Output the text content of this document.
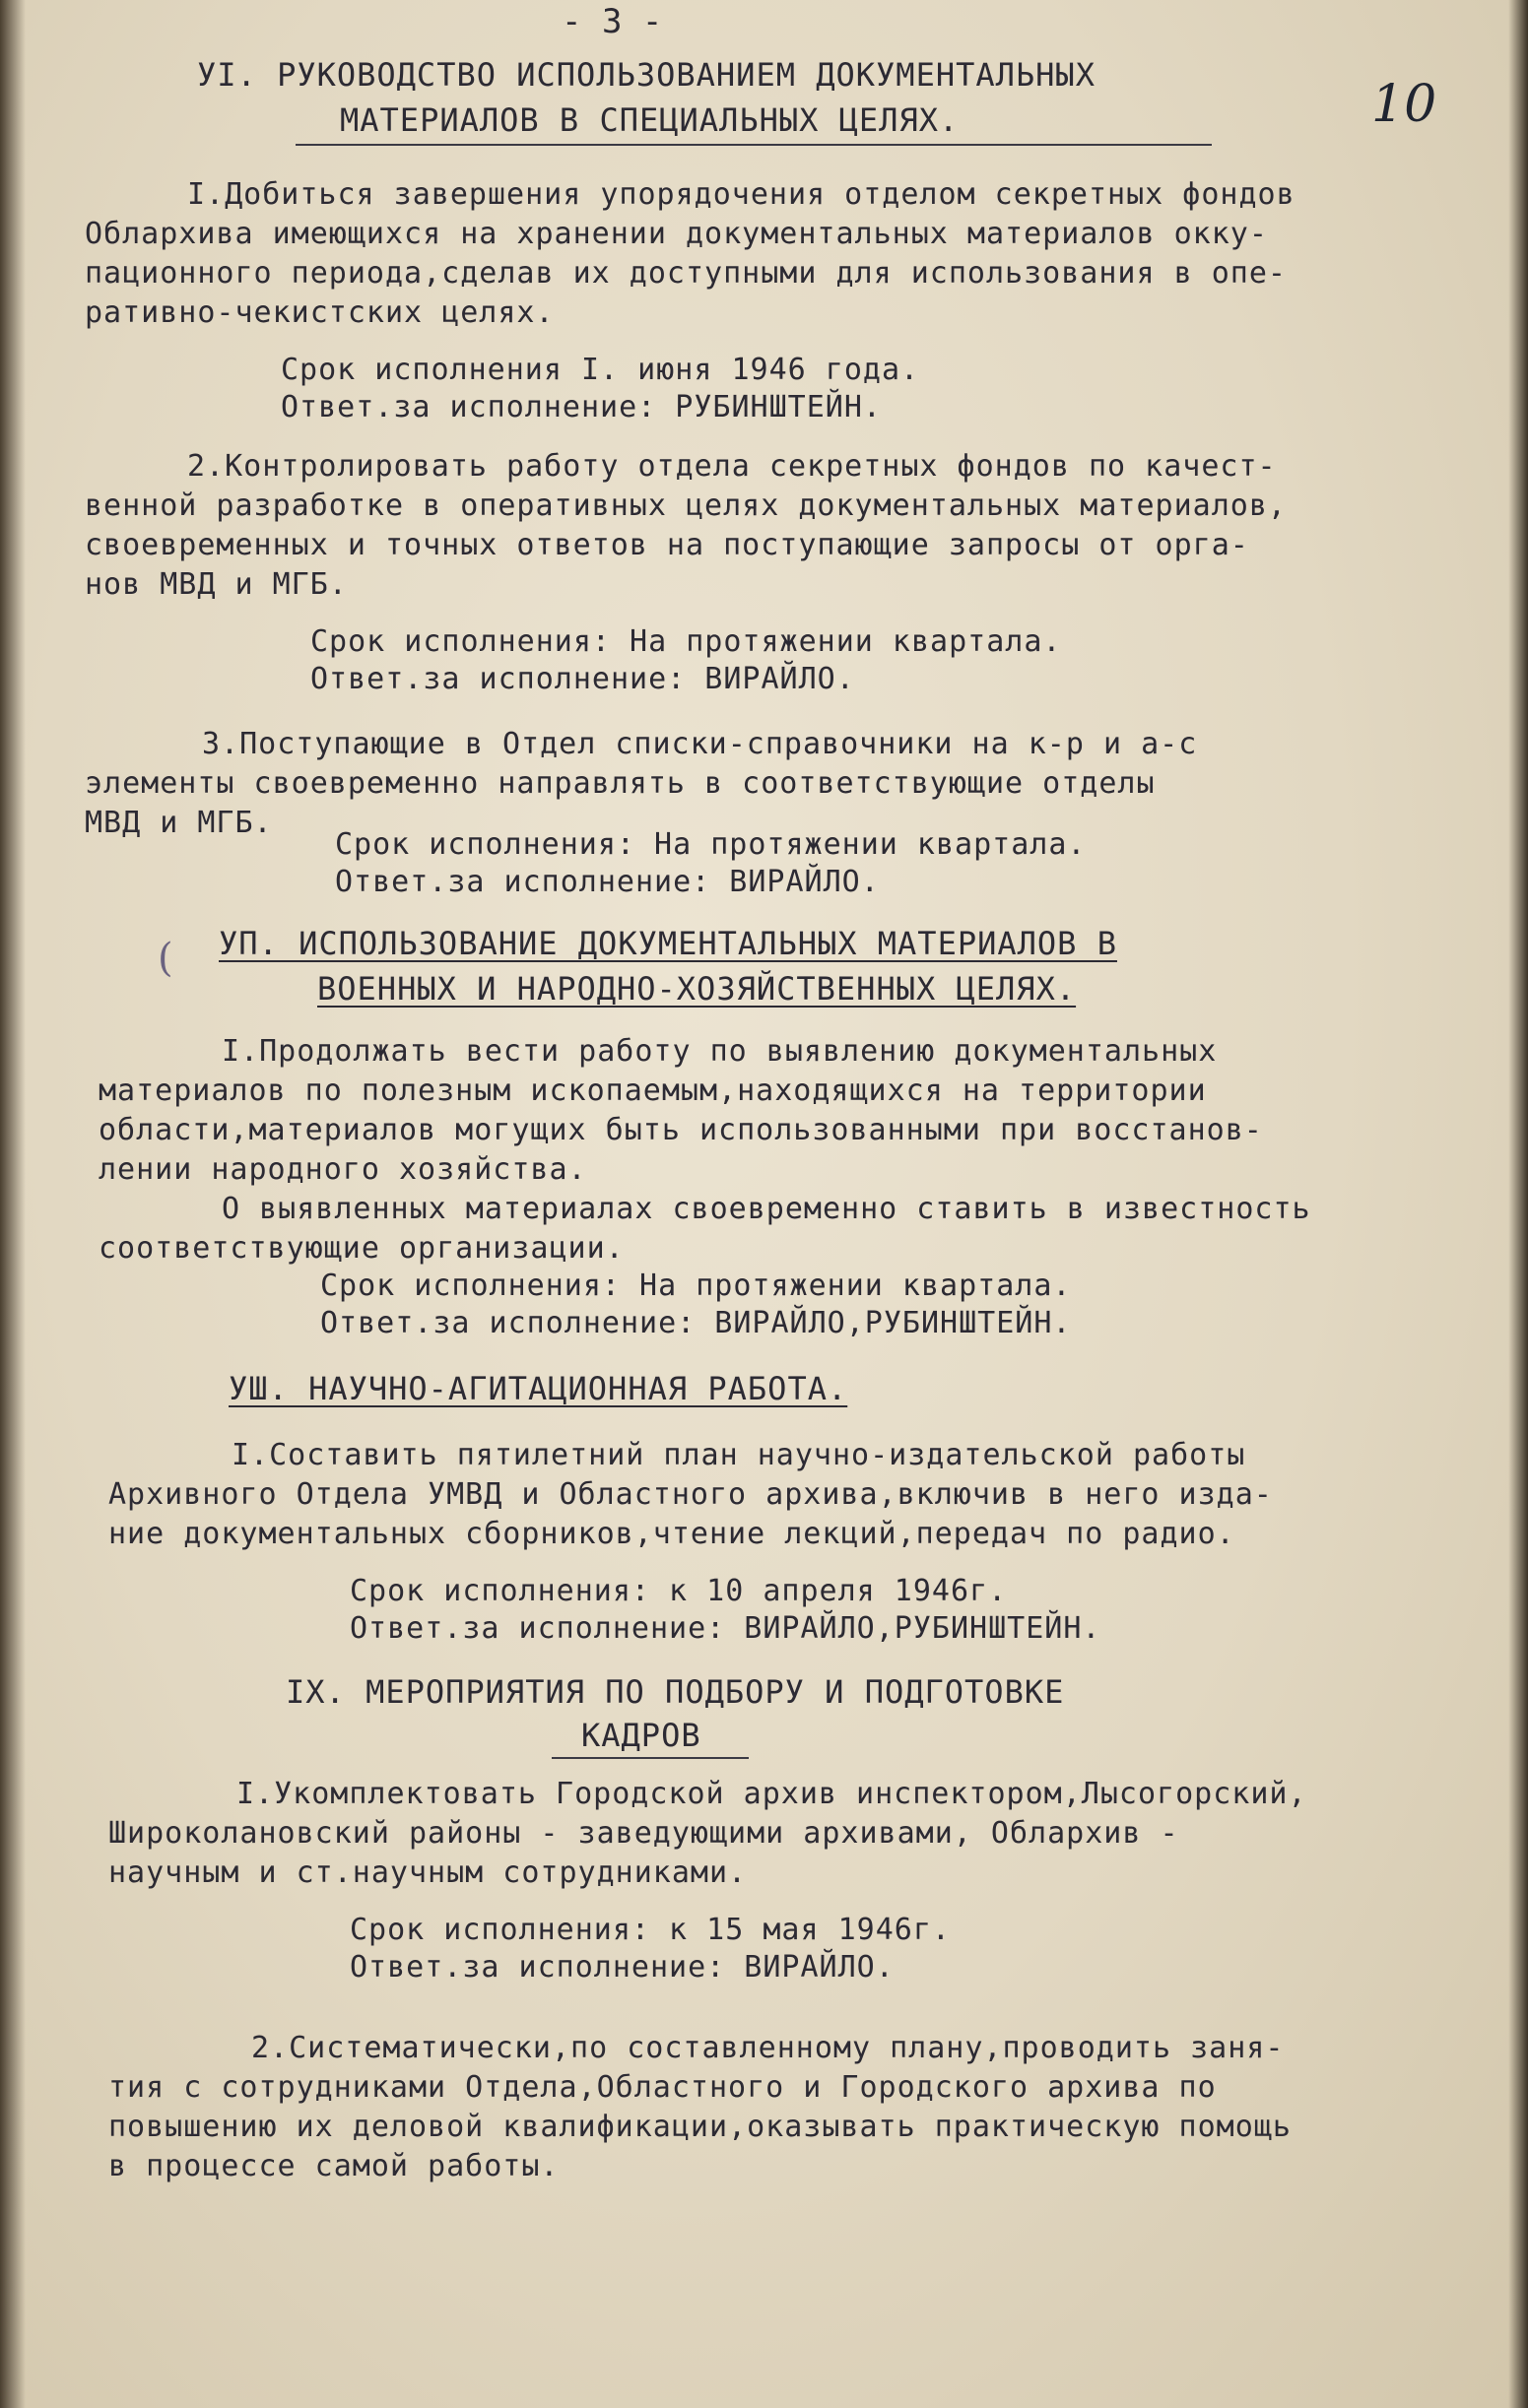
- 3 -
10
УI. РУКОВОДСТВО ИСПОЛЬЗОВАНИЕМ ДОКУМЕНТАЛЬНЫХ
МАТЕРИАЛОВ В СПЕЦИАЛЬНЫХ ЦЕЛЯХ.
I.Добиться завершения упорядочения отделом секретных фондов
Облархива имеющихся на хранении документальных материалов окку-
пационного периода,сделав их доступными для использования в опе-
ративно-чекистских целях.
Срок исполнения I. июня 1946 года.
Ответ.за исполнение: РУБИНШТЕЙН.
2.Контролировать работу отдела секретных фондов по качест-
венной разработке в оперативных целях документальных материалов,
своевременных и точных ответов на поступающие запросы от орга-
нов МВД и МГБ.
Срок исполнения: На протяжении квартала.
Ответ.за исполнение: ВИРАЙЛО.
3.Поступающие в Отдел списки-справочники на к-р и а-с
элементы своевременно направлять в соответствующие отделы
МВД и МГБ.
Срок исполнения: На протяжении квартала.
Ответ.за исполнение: ВИРАЙЛО.
( УП. ИСПОЛЬЗОВАНИЕ ДОКУМЕНТАЛЬНЫХ МАТЕРИАЛОВ В
ВОЕННЫХ И НАРОДНО-ХОЗЯЙСТВЕННЫХ ЦЕЛЯХ.
I.Продолжать вести работу по выявлению документальных
материалов по полезным ископаемым,находящихся на территории
области,материалов могущих быть использованными при восстанов-
лении народного хозяйства.
О выявленных материалах своевременно ставить в известность
соответствующие организации.
Срок исполнения: На протяжении квартала.
Ответ.за исполнение: ВИРАЙЛО,РУБИНШТЕЙН.
УШ. НАУЧНО-АГИТАЦИОННАЯ РАБОТА.
I.Составить пятилетний план научно-издательской работы
Архивного Отдела УМВД и Областного архива,включив в него изда-
ние документальных сборников,чтение лекций,передач по радио.
Срок исполнения: к 10 апреля 1946г.
Ответ.за исполнение: ВИРАЙЛО,РУБИНШТЕЙН.
IХ. МЕРОПРИЯТИЯ ПО ПОДБОРУ И ПОДГОТОВКЕ
КАДРОВ
I.Укомплектовать Городской архив инспектором,Лысогорский,
Широколановский районы - заведующими архивами, Облархив -
научным и ст.научным сотрудниками.
Срок исполнения: к 15 мая 1946г.
Ответ.за исполнение: ВИРАЙЛО.
2.Систематически,по составленному плану,проводить заня-
тия с сотрудниками Отдела,Областного и Городского архива по
повышению их деловой квалификации,оказывать практическую помощь
в процессе самой работы.
